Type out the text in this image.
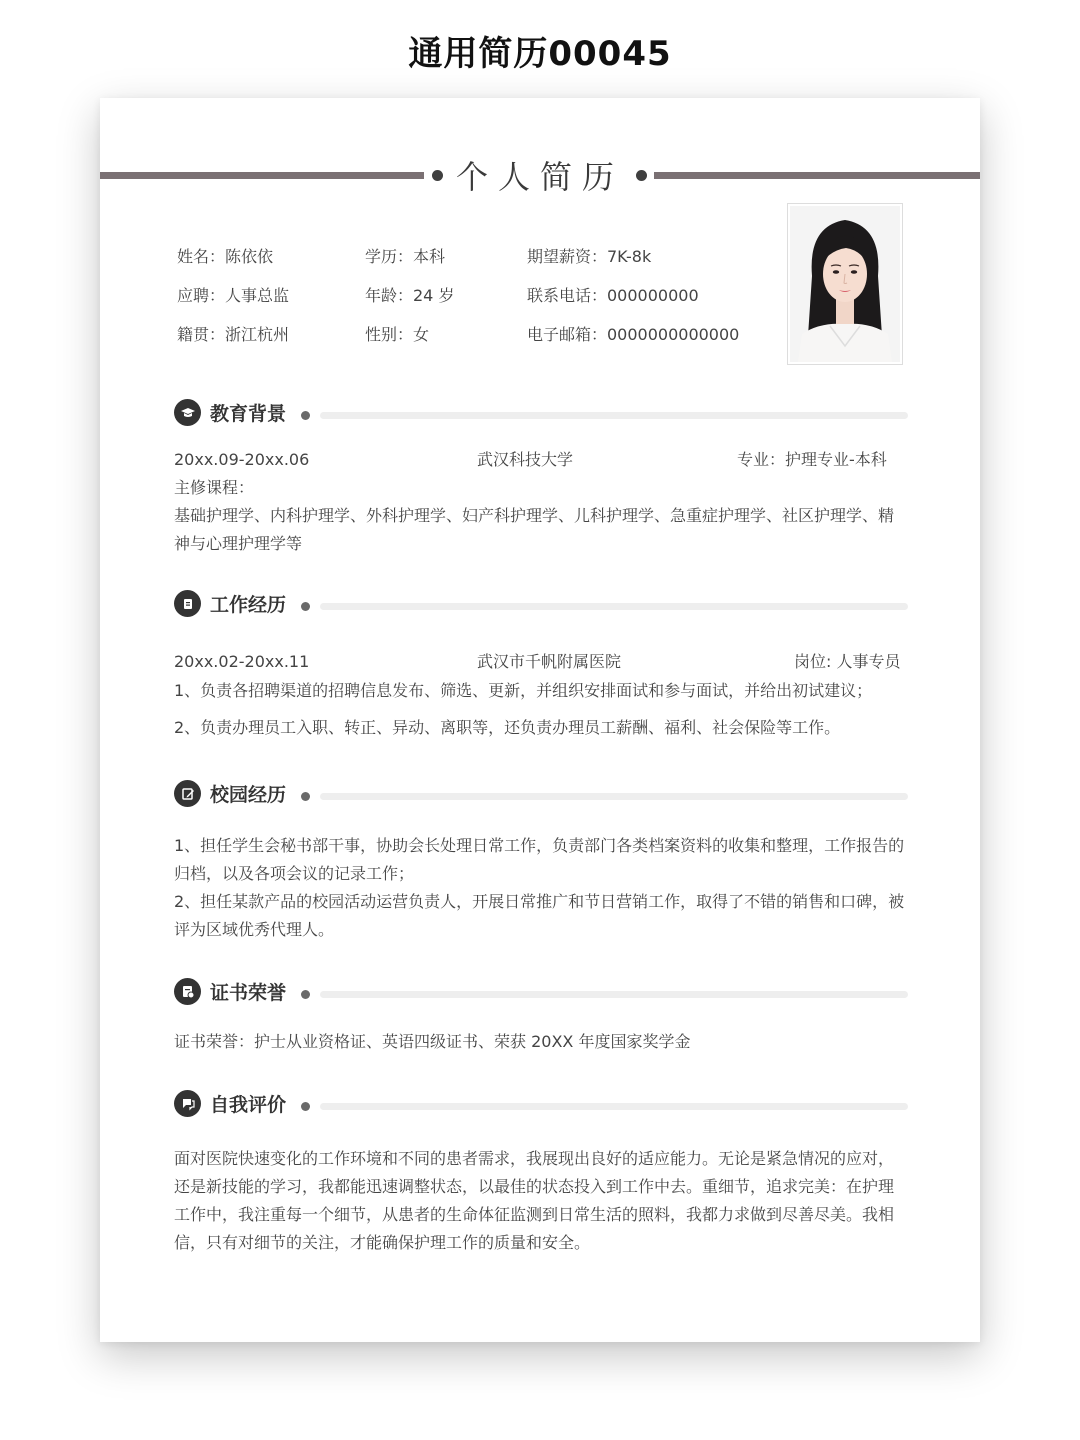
通用简历00045
个人简历
姓名：陈依依	学历：本科	期望薪资：7K-8k
应聘：人事总监	年龄：24 岁	联系电话：000000000
籍贯：浙江杭州	性别：女	电子邮箱：0000000000000
教育背景
20xx.09-20xx.06	武汉科技大学	专业：护理专业-本科
主修课程：
基础护理学、内科护理学、外科护理学、妇产科护理学、儿科护理学、急重症护理学、社区护理学、精神与心理护理学等
工作经历
20xx.02-20xx.11	武汉市千帆附属医院	岗位: 人事专员
1、负责各招聘渠道的招聘信息发布、筛选、更新，并组织安排面试和参与面试，并给出初试建议；
2、负责办理员工入职、转正、异动、离职等，还负责办理员工薪酬、福利、社会保险等工作。
校园经历
1、担任学生会秘书部干事，协助会长处理日常工作，负责部门各类档案资料的收集和整理，工作报告的归档，以及各项会议的记录工作；
2、担任某款产品的校园活动运营负责人，开展日常推广和节日营销工作，取得了不错的销售和口碑，被评为区域优秀代理人。
证书荣誉
证书荣誉：护士从业资格证、英语四级证书、荣获 20XX 年度国家奖学金
自我评价
面对医院快速变化的工作环境和不同的患者需求，我展现出良好的适应能力。无论是紧急情况的应对，还是新技能的学习，我都能迅速调整状态，以最佳的状态投入到工作中去。重细节，追求完美：在护理工作中，我注重每一个细节，从患者的生命体征监测到日常生活的照料，我都力求做到尽善尽美。我相信，只有对细节的关注，才能确保护理工作的质量和安全。
